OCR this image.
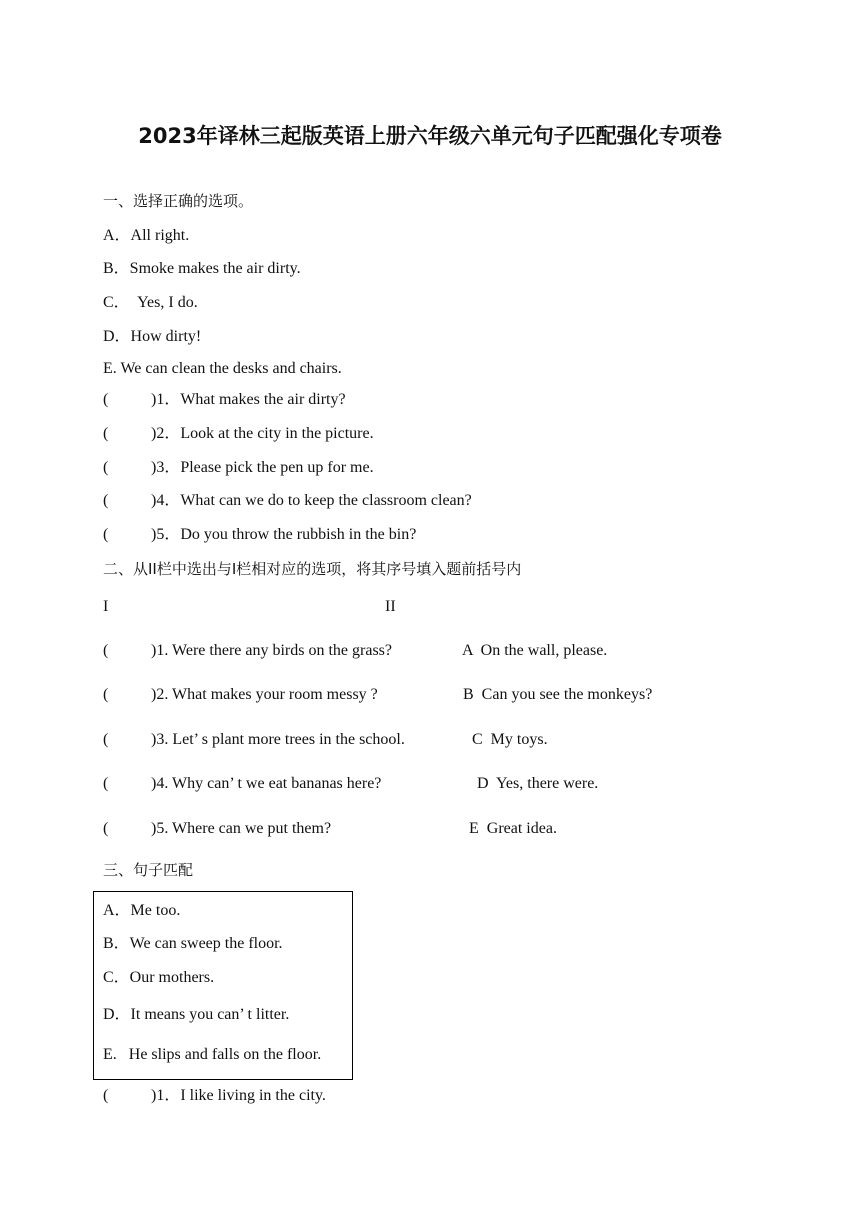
2023年译林三起版英语上册六年级六单元句子匹配强化专项卷
一、选择正确的选项。
A．All right.
B．Smoke makes the air dirty.
C．  Yes, I do.
D．How dirty!
E. We can clean the desks and chairs.
(	)1．What makes the air dirty?
(	)2．Look at the city in the picture.
(	)3．Please pick the pen up for me.
(	)4．What can we do to keep the classroom clean?
(	)5．Do you throw the rubbish in the bin?
二、从II栏中选出与I栏相对应的选项，将其序号填入题前括号内
I	II
(	)1. Were there any birds on the grass?	A  On the wall, please.
(	)2. What makes your room messy ?	B  Can you see the monkeys?
(	)3. Let’ s plant more trees in the school.	C  My toys.
(	)4. Why can’ t we eat bananas here?	D  Yes, there were.
(	)5. Where can we put them?	E  Great idea.
三、句子匹配
A．Me too.
B．We can sweep the floor.
C．Our mothers.
D．It means you can’ t litter.
E.   He slips and falls on the floor.
(	)1．I like living in the city.
